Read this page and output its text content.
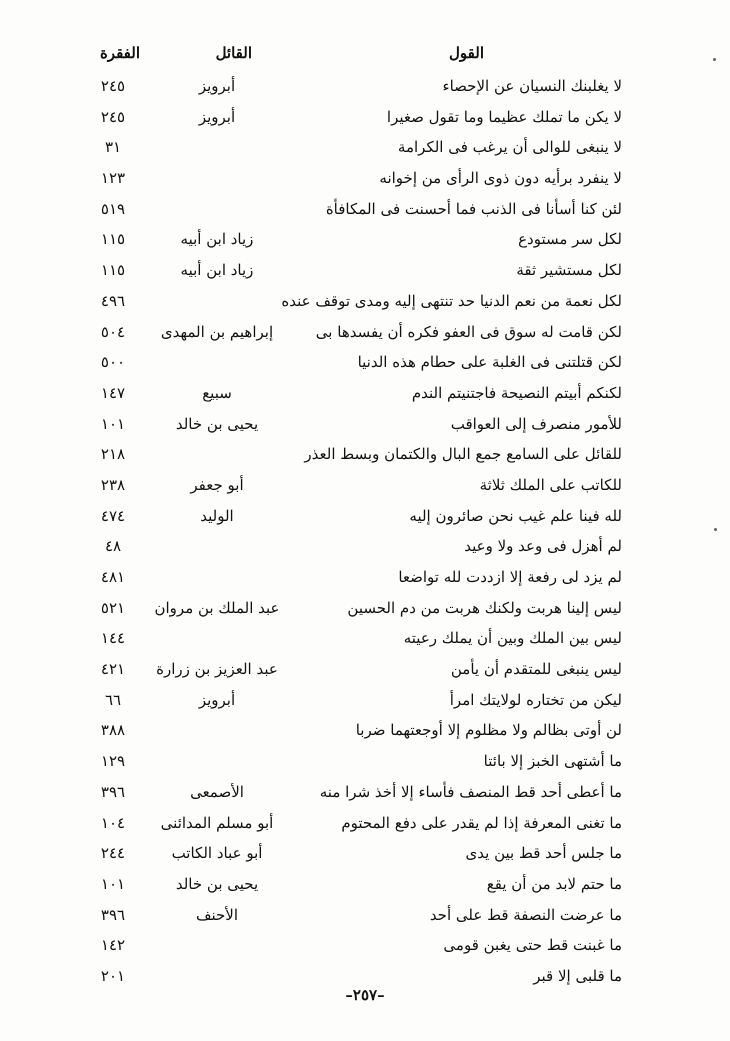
القول
القائل
الفقرة
لا يغلبنك النسيان عن الإحصاء
أبرويز
٢٤٥
لا يكن ما تملك عظيما وما تقول صغيرا
أبرويز
٢٤٥
لا ينبغى للوالى أن يرغب فى الكرامة
٣١
لا ينفرد برأيه دون ذوى الرأى من إخوانه
١٢٣
لئن كنا أسأنا فى الذنب فما أحسنت فى المكافأة
٥١٩
لكل سر مستودع
زياد ابن أبيه
١١٥
لكل مستشير ثقة
زياد ابن أبيه
١١٥
لكل نعمة من نعم الدنيا حد تنتهى إليه ومدى توقف عنده
٤٩٦
لكن قامت له سوق فى العفو فكره أن يفسدها بى
إبراهيم بن المهدى
٥٠٤
لكن قتلتنى فى الغلبة على حطام هذه الدنيا
٥٠٠
لكنكم أبيتم النصيحة فاجتنيتم الندم
سبيع
١٤٧
للأمور منصرف إلى العواقب
يحيى بن خالد
١٠١
للقائل على السامع جمع البال والكتمان وبسط العذر
٢١٨
للكاتب على الملك ثلاثة
أبو جعفر
٢٣٨
لله فينا علم غيب نحن صائرون إليه
الوليد
٤٧٤
لم أهزل فى وعد ولا وعيد
٤٨
لم يزد لى رفعة إلا ازددت لله تواضعا
٤٨١
ليس إلينا هربت ولكنك هربت من دم الحسين
عبد الملك بن مروان
٥٢١
ليس بين الملك وبين أن يملك رعيته
١٤٤
ليس ينبغى للمتقدم أن يأمن
عبد العزيز بن زرارة
٤٢١
ليكن من تختاره لولايتك امرأ
أبرويز
٦٦
لن أوتى بظالم ولا مظلوم إلا أوجعتهما ضربا
٣٨٨
ما أشتهى الخبز إلا بائتا
١٢٩
ما أعطى أحد قط المنصف فأساء إلا أخذ شرا منه
الأصمعى
٣٩٦
ما تغنى المعرفة إذا لم يقدر على دفع المحتوم
أبو مسلم المدائنى
١٠٤
ما جلس أحد قط بين يدى
أبو عباد الكاتب
٢٤٤
ما حتم لابد من أن يقع
يحيى بن خالد
١٠١
ما عرضت النصفة قط على أحد
الأحنف
٣٩٦
ما غبنت قط حتى يغبن قومى
١٤٢
ما قلبى إلا قبر
٢٠١
–٢٥٧–
